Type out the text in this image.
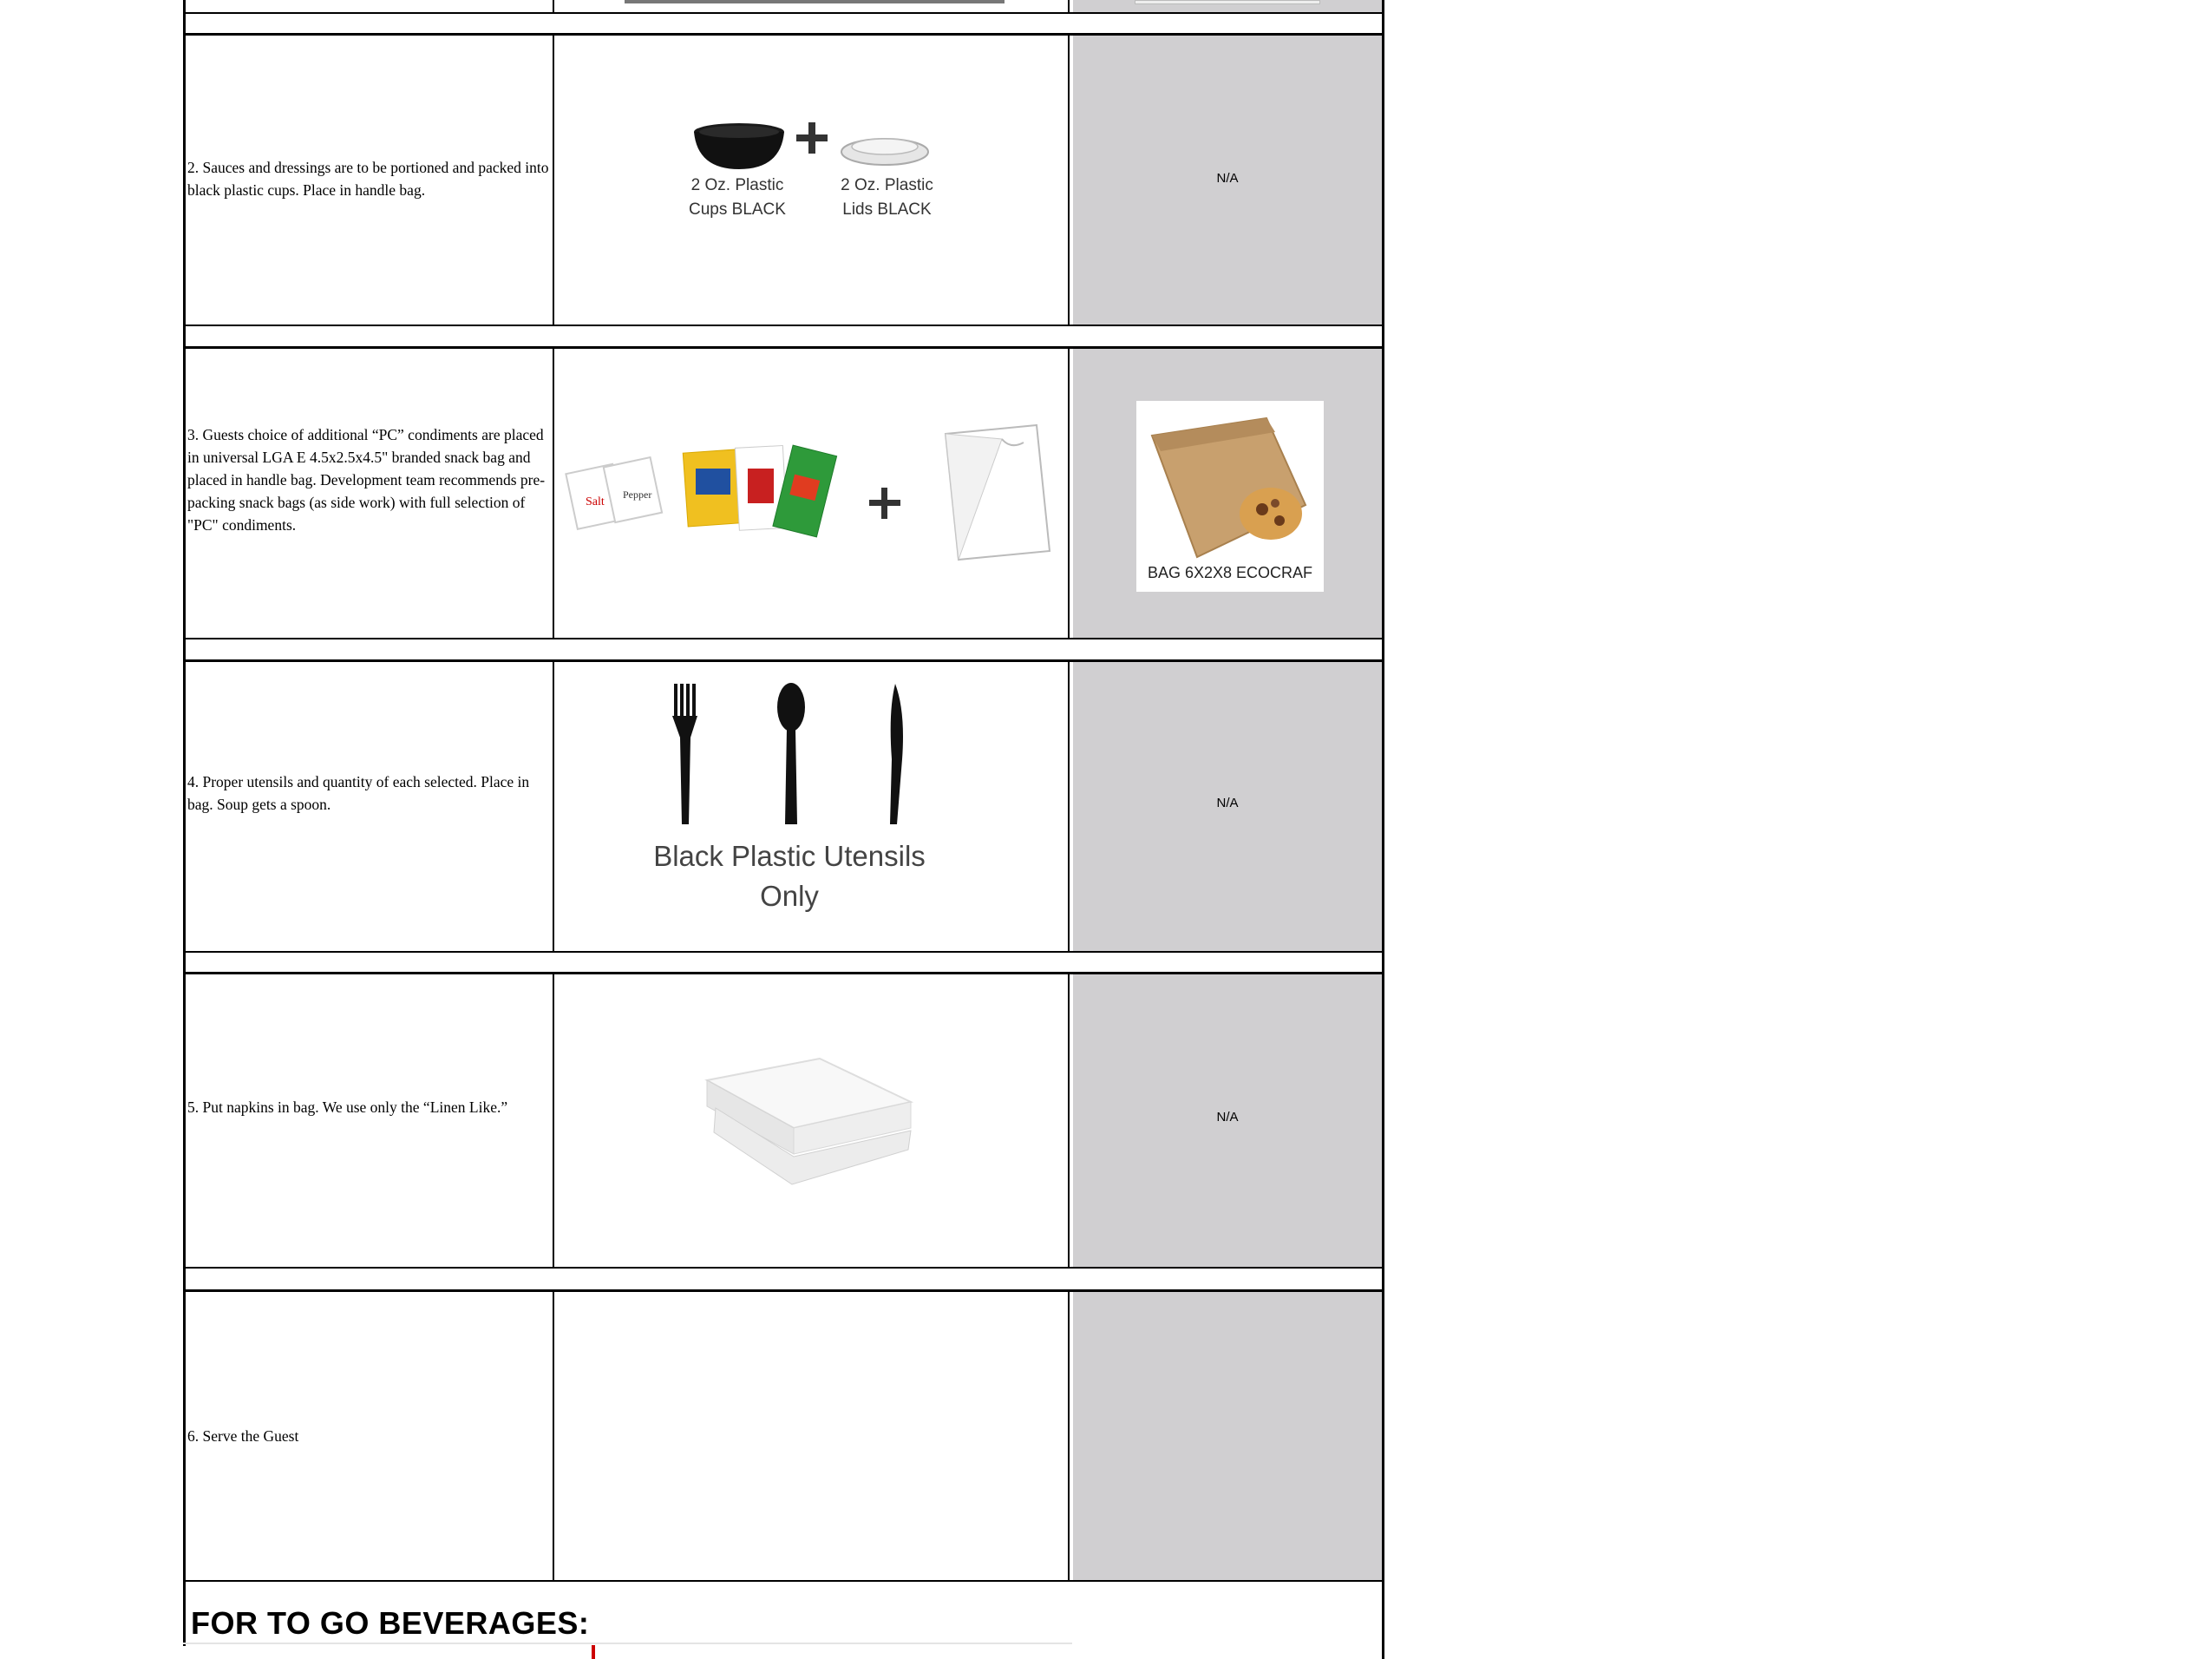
2. Sauces and dressings are to be portioned and packed into black plastic cups. Place in handle bag.	2 Oz. Plastic Cups BLACK
2 Oz. Plastic Lids BLACK
N/A
3. Guests choice of additional “PC” condiments are placed in universal LGA E 4.5x2.5x4.5" branded snack bag and placed in handle bag. Development team recommends pre-packing snack bags (as side work) with full selection of "PC" condiments.
Salt
Pepper
BAG 6X2X8 ECOCRAF
4. Proper utensils and quantity of each selected. Place in bag. Soup gets a spoon.
Black Plastic Utensils
Only
N/A
5. Put napkins in bag. We use only the “Linen Like.”
N/A
6. Serve the Guest
FOR TO GO BEVERAGES:
